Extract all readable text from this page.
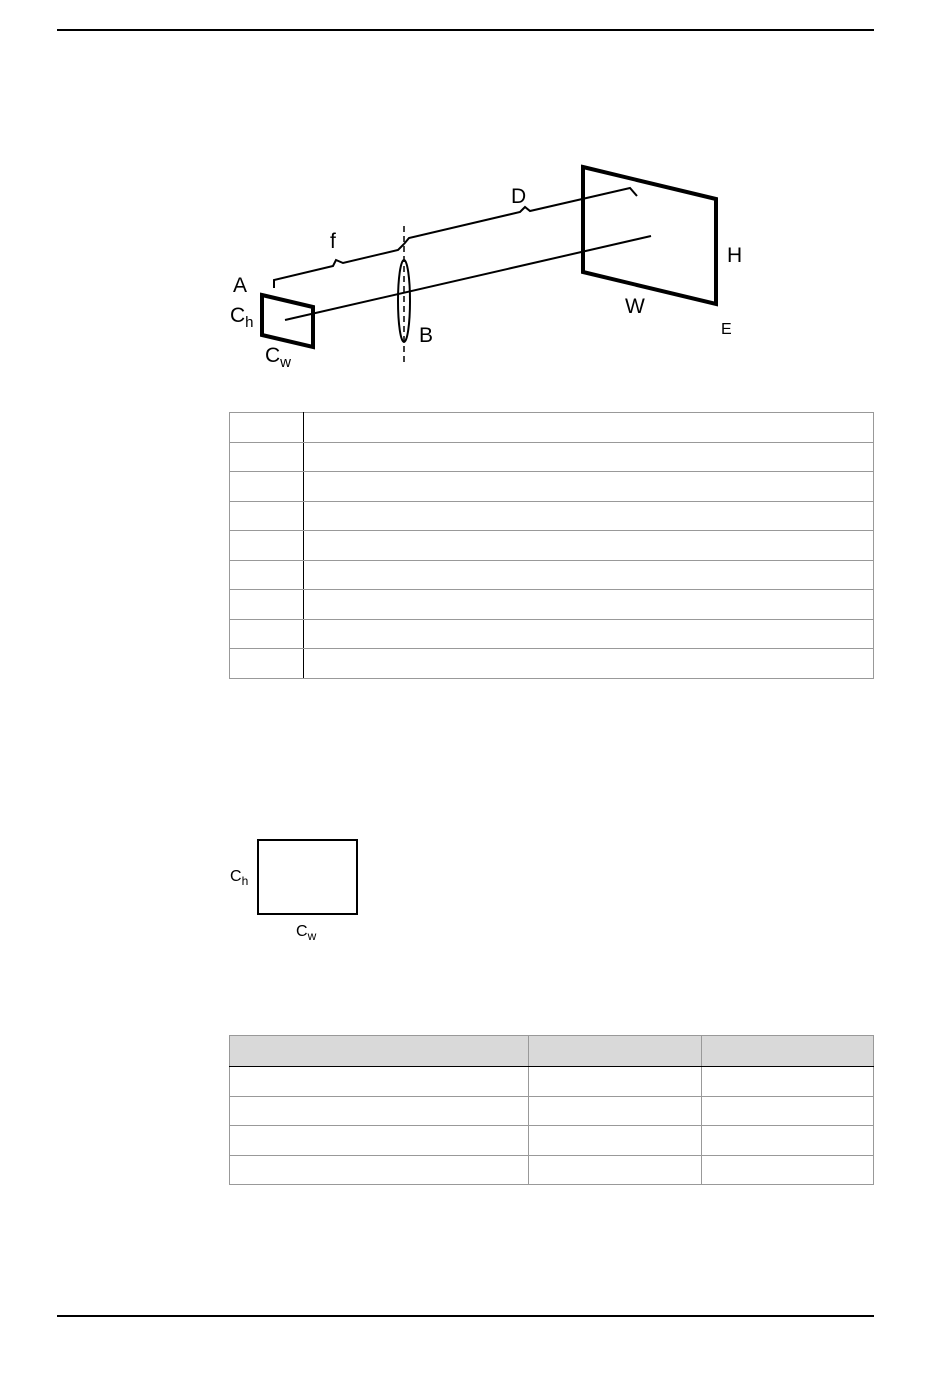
A
$C_h$
$C_w$
f
B
D
H
W
E

$C_h$
$C_w$
